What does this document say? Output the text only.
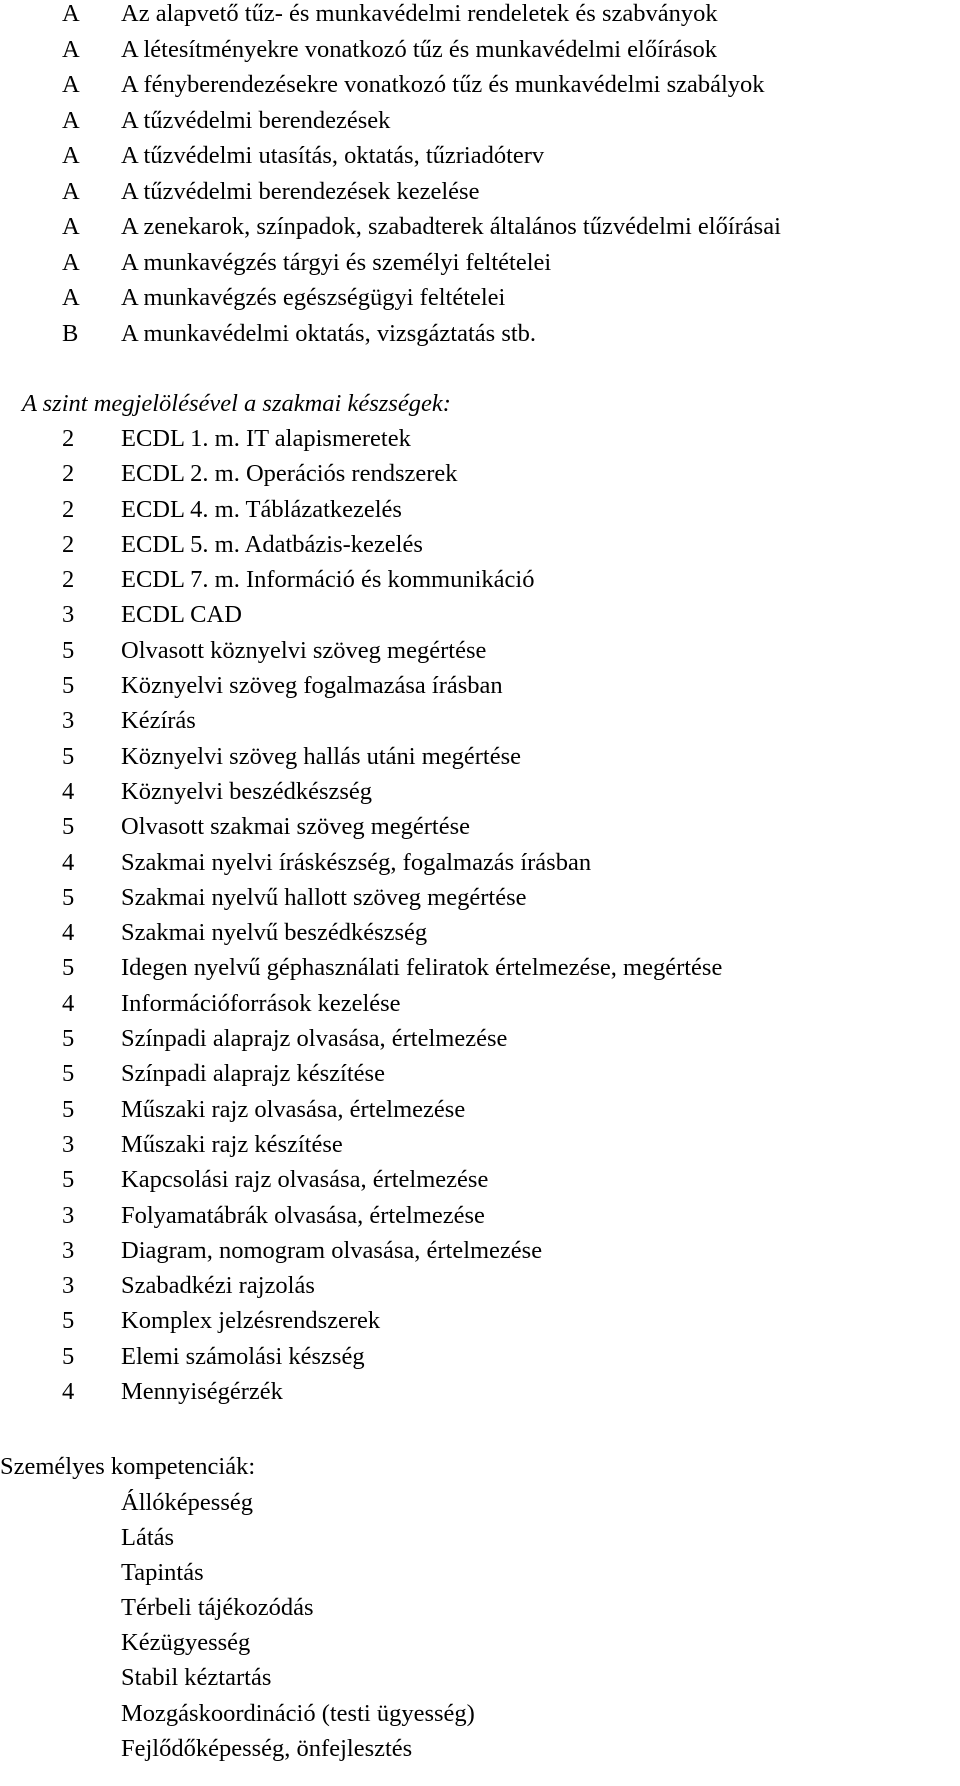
A	Az alapvető tűz- és munkavédelmi rendeletek és szabványok
A	A létesítményekre vonatkozó tűz és munkavédelmi előírások
A	A fényberendezésekre vonatkozó tűz és munkavédelmi szabályok
A	A tűzvédelmi berendezések
A	A tűzvédelmi utasítás, oktatás, tűzriadóterv
A	A tűzvédelmi berendezések kezelése
A	A zenekarok, színpadok, szabadterek általános tűzvédelmi előírásai
A	A munkavégzés tárgyi és személyi feltételei
A	A munkavégzés egészségügyi feltételei
B	A munkavédelmi oktatás, vizsgáztatás stb.
A szint megjelölésével a szakmai készségek:
2	ECDL 1. m. IT alapismeretek
2	ECDL 2. m. Operációs rendszerek
2	ECDL 4. m. Táblázatkezelés
2	ECDL 5. m. Adatbázis-kezelés
2	ECDL 7. m. Információ és kommunikáció
3	ECDL CAD
5	Olvasott köznyelvi szöveg megértése
5	Köznyelvi szöveg fogalmazása írásban
3	Kézírás
5	Köznyelvi szöveg hallás utáni megértése
4	Köznyelvi beszédkészség
5	Olvasott szakmai szöveg megértése
4	Szakmai nyelvi íráskészség, fogalmazás írásban
5	Szakmai nyelvű hallott szöveg megértése
4	Szakmai nyelvű beszédkészség
5	Idegen nyelvű géphasználati feliratok értelmezése, megértése
4	Információforrások kezelése
5	Színpadi alaprajz olvasása, értelmezése
5	Színpadi alaprajz készítése
5	Műszaki rajz olvasása, értelmezése
3	Műszaki rajz készítése
5	Kapcsolási rajz olvasása, értelmezése
3	Folyamatábrák olvasása, értelmezése
3	Diagram, nomogram olvasása, értelmezése
3	Szabadkézi rajzolás
5	Komplex jelzésrendszerek
5	Elemi számolási készség
4	Mennyiségérzék
Személyes kompetenciák:
Állóképesség
Látás
Tapintás
Térbeli tájékozódás
Kézügyesség
Stabil kéztartás
Mozgáskoordináció (testi ügyesség)
Fejlődőképesség, önfejlesztés
